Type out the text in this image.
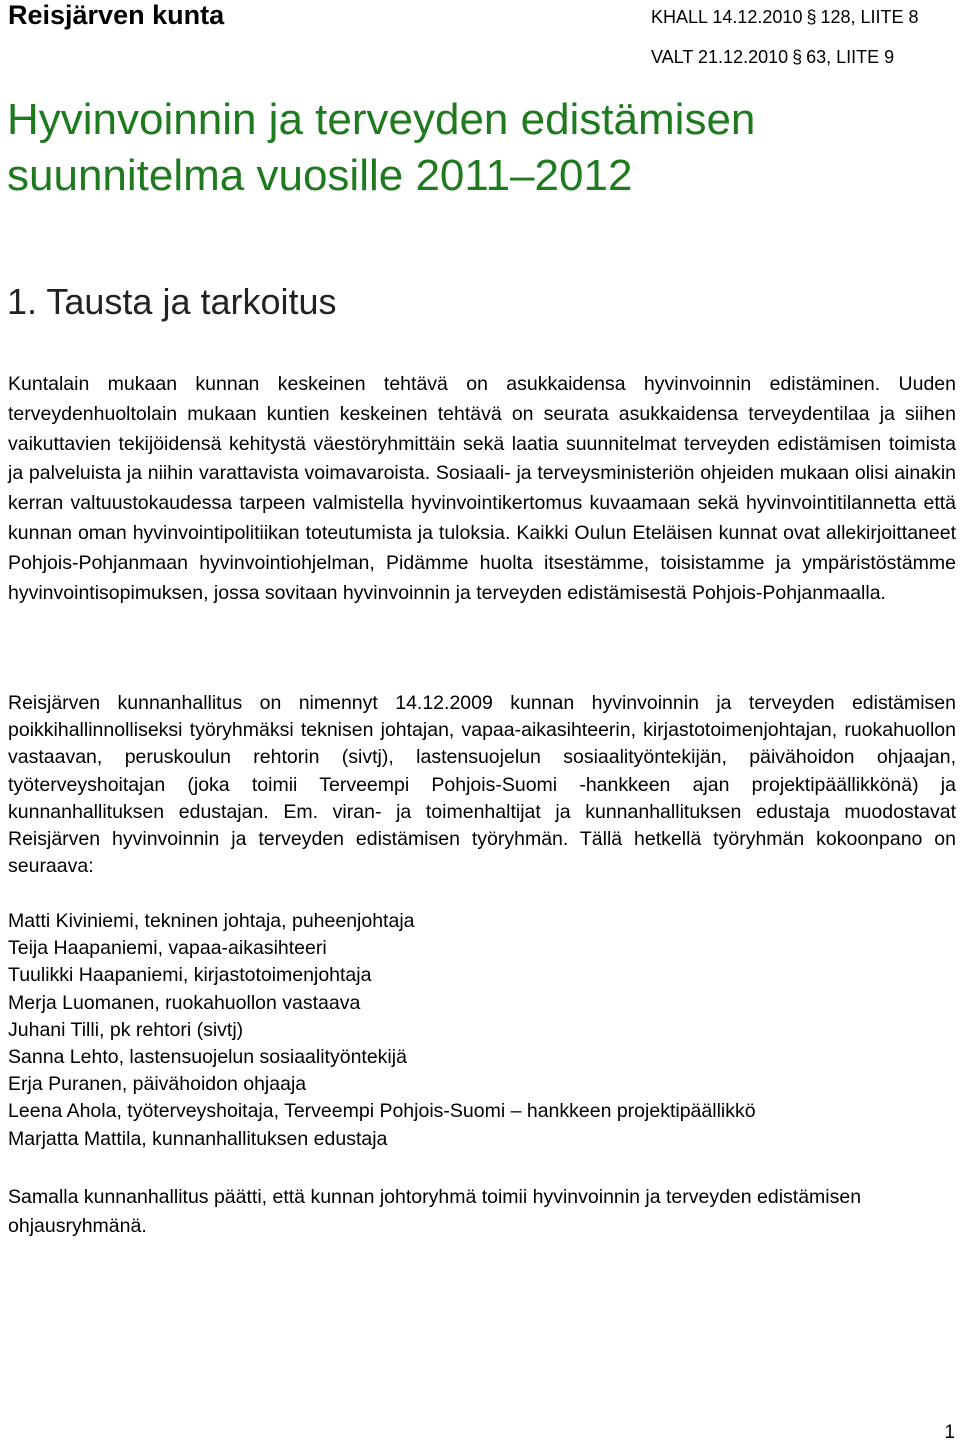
Reisjärven kunta	KHALL 14.12.2010 § 128, LIITE 8
VALT 21.12.2010 § 63, LIITE 9
Hyvinvoinnin ja terveyden edistämisen
suunnitelma vuosille 2011–2012
1. Tausta ja tarkoitus

Kuntalain mukaan kunnan keskeinen tehtävä on asukkaidensa hyvinvoinnin edistäminen. Uuden terveydenhuoltolain mukaan kuntien keskeinen tehtävä on seurata asukkaidensa terveydentilaa ja siihen vaikuttavien tekijöidensä kehitystä väestöryhmittäin sekä laatia suunnitelmat terveyden edistämisen toimista ja palveluista ja niihin varattavista voimavaroista. Sosiaali- ja terveysministeriön ohjeiden mukaan olisi ainakin kerran valtuustokaudessa tarpeen valmistella hyvinvointikertomus kuvaamaan sekä hyvinvointitilannetta että kunnan oman hyvinvointipolitiikan toteutumista ja tuloksia. Kaikki Oulun Eteläisen kunnat ovat allekirjoittaneet Pohjois-Pohjanmaan hyvinvointiohjelman, Pidämme huolta itsestämme, toisistamme ja ympäristöstämme hyvinvointisopimuksen, jossa sovitaan hyvinvoinnin ja terveyden edistämisestä Pohjois-Pohjanmaalla.

Reisjärven kunnanhallitus on nimennyt 14.12.2009 kunnan hyvinvoinnin ja terveyden edistämisen poikkihallinnolliseksi työryhmäksi teknisen johtajan, vapaa-aikasihteerin, kirjastotoimenjohtajan, ruokahuollon vastaavan, peruskoulun rehtorin (sivtj), lastensuojelun sosiaalityöntekijän, päivähoidon ohjaajan, työterveyshoitajan (joka toimii Terveempi Pohjois-Suomi -hankkeen ajan projektipäällikkönä) ja kunnanhallituksen edustajan. Em. viran- ja toimenhaltijat ja kunnanhallituksen edustaja muodostavat Reisjärven hyvinvoinnin ja terveyden edistämisen työryhmän. Tällä hetkellä työryhmän kokoonpano on seuraava:

Matti Kiviniemi, tekninen johtaja, puheenjohtaja
Teija Haapaniemi, vapaa-aikasihteeri
Tuulikki Haapaniemi, kirjastotoimenjohtaja
Merja Luomanen, ruokahuollon vastaava
Juhani Tilli, pk rehtori (sivtj)
Sanna Lehto, lastensuojelun sosiaalityöntekijä
Erja Puranen, päivähoidon ohjaaja
Leena Ahola, työterveyshoitaja, Terveempi Pohjois-Suomi – hankkeen projektipäällikkö
Marjatta Mattila, kunnanhallituksen edustaja

Samalla kunnanhallitus päätti, että kunnan johtoryhmä toimii hyvinvoinnin ja terveyden edistämisen ohjausryhmänä.

1
